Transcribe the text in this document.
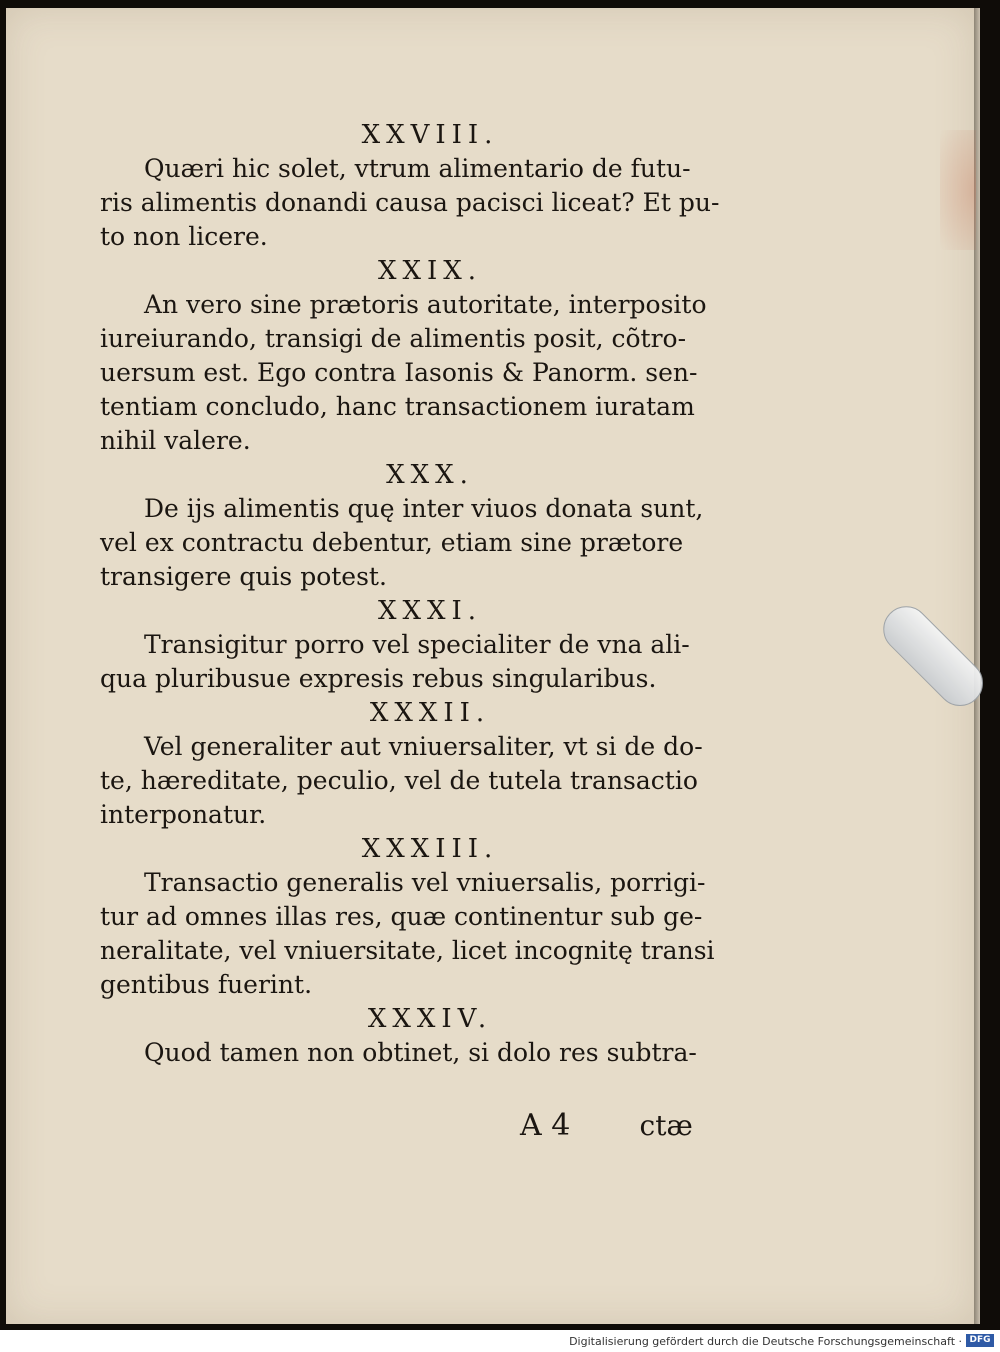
XXVIII.
Quæri hic solet, vtrum alimentario de futu-
ris alimentis donandi causa pacisci liceat? Et pu-
to non licere.
XXIX.
An vero sine prætoris autoritate, interposito
iureiurando, transigi de alimentis posit, cõtro-
uersum est. Ego contra Iasonis & Panorm. sen-
tentiam concludo, hanc transactionem iuratam
nihil valere.
XXX.
De ijs alimentis quę inter viuos donata sunt,
vel ex contractu debentur, etiam sine prætore
transigere quis potest.
XXXI.
Transigitur porro vel specialiter de vna ali-
qua pluribusue expresis rebus singularibus.
XXXII.
Vel generaliter aut vniuersaliter, vt si de do-
te, hæreditate, peculio, vel de tutela transactio
interponatur.
XXXIII.
Transactio generalis vel vniuersalis, porrigi-
tur ad omnes illas res, quæ continentur sub ge-
neralitate, vel vniuersitate, licet incognitę transi
gentibus fuerint.
XXXIV.
Quod tamen non obtinet, si dolo res subtra-
A 4 ctæ
Digitalisierung gefördert durch die Deutsche Forschungsgemeinschaft · DFG
